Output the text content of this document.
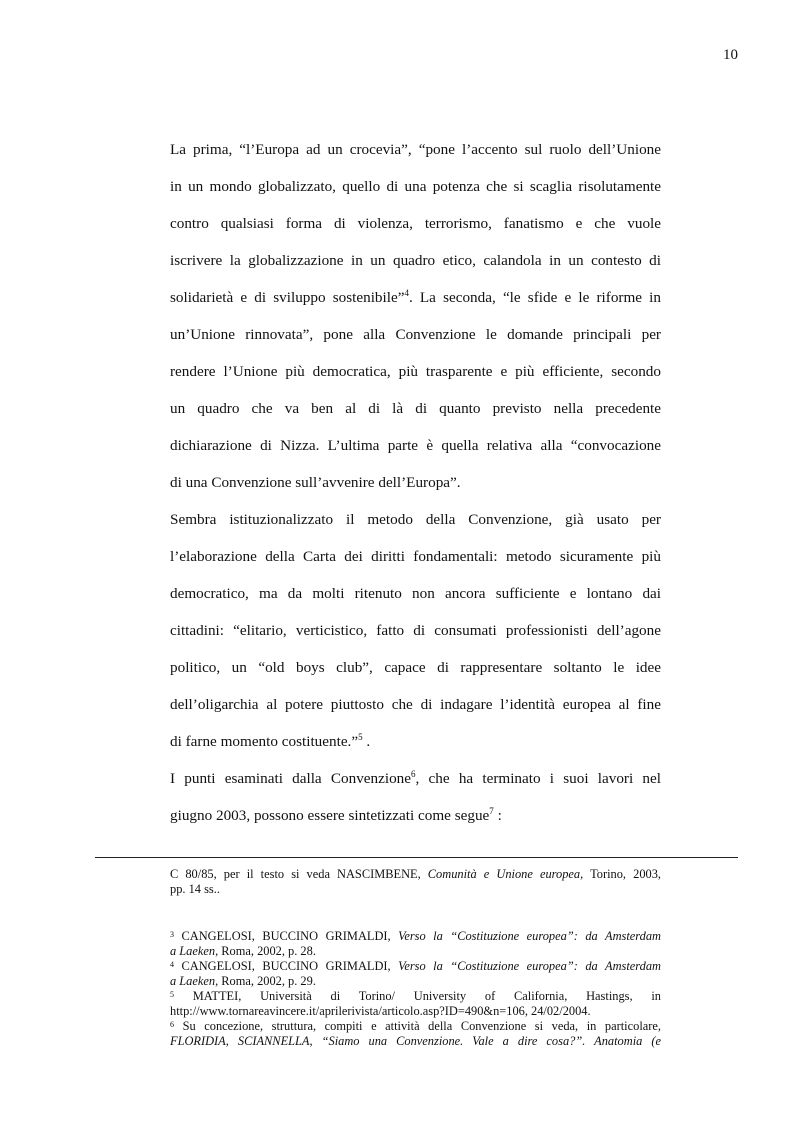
10
La prima, “l’Europa ad un crocevia”, “pone l’accento sul ruolo dell’Unione
in un mondo globalizzato, quello di una potenza che si scaglia risolutamente
contro qualsiasi forma di violenza, terrorismo, fanatismo e che vuole
iscrivere la globalizzazione in un quadro etico, calandola in un contesto di
solidarietà e di sviluppo sostenibile”$^4$. La seconda, “le sfide e le riforme in
un’Unione rinnovata”, pone alla Convenzione le domande principali per
rendere l’Unione più democratica, più trasparente e più efficiente, secondo
un quadro che va ben al di là di quanto previsto nella precedente
dichiarazione di Nizza. L’ultima parte è quella relativa alla “convocazione
di una Convenzione sull’avvenire dell’Europa”.
Sembra istituzionalizzato il metodo della Convenzione, già usato per
l’elaborazione della Carta dei diritti fondamentali: metodo sicuramente più
democratico, ma da molti ritenuto non ancora sufficiente e lontano dai
cittadini: “elitario, verticistico, fatto di consumati professionisti dell’agone
politico, un “old boys club”, capace di rappresentare soltanto le idee
dell’oligarchia al potere piuttosto che di indagare l’identità europea al fine
di farne momento costituente.”$^5$ .
I punti esaminati dalla Convenzione$^6$, che ha terminato i suoi lavori nel
giugno 2003, possono essere sintetizzati come segue$^7$ :
C 80/85, per il testo si veda NASCIMBENE, Comunità e Unione europea, Torino, 2003,
pp. 14 ss..
$^3$ CANGELOSI, BUCCINO GRIMALDI, Verso la “Costituzione europea”: da Amsterdam
a Laeken, Roma, 2002, p. 28.
$^4$ CANGELOSI, BUCCINO GRIMALDI, Verso la “Costituzione europea”: da Amsterdam
a Laeken, Roma, 2002, p. 29.
$^5$ MATTEI, Università di Torino/ University of California, Hastings, in
http://www.tornareavincere.it/aprilerivista/articolo.asp?ID=490&n=106, 24/02/2004.
$^6$ Su concezione, struttura, compiti e attività della Convenzione si veda, in particolare,
FLORIDIA, SCIANNELLA, “Siamo una Convenzione. Vale a dire cosa?”. Anatomia (e
